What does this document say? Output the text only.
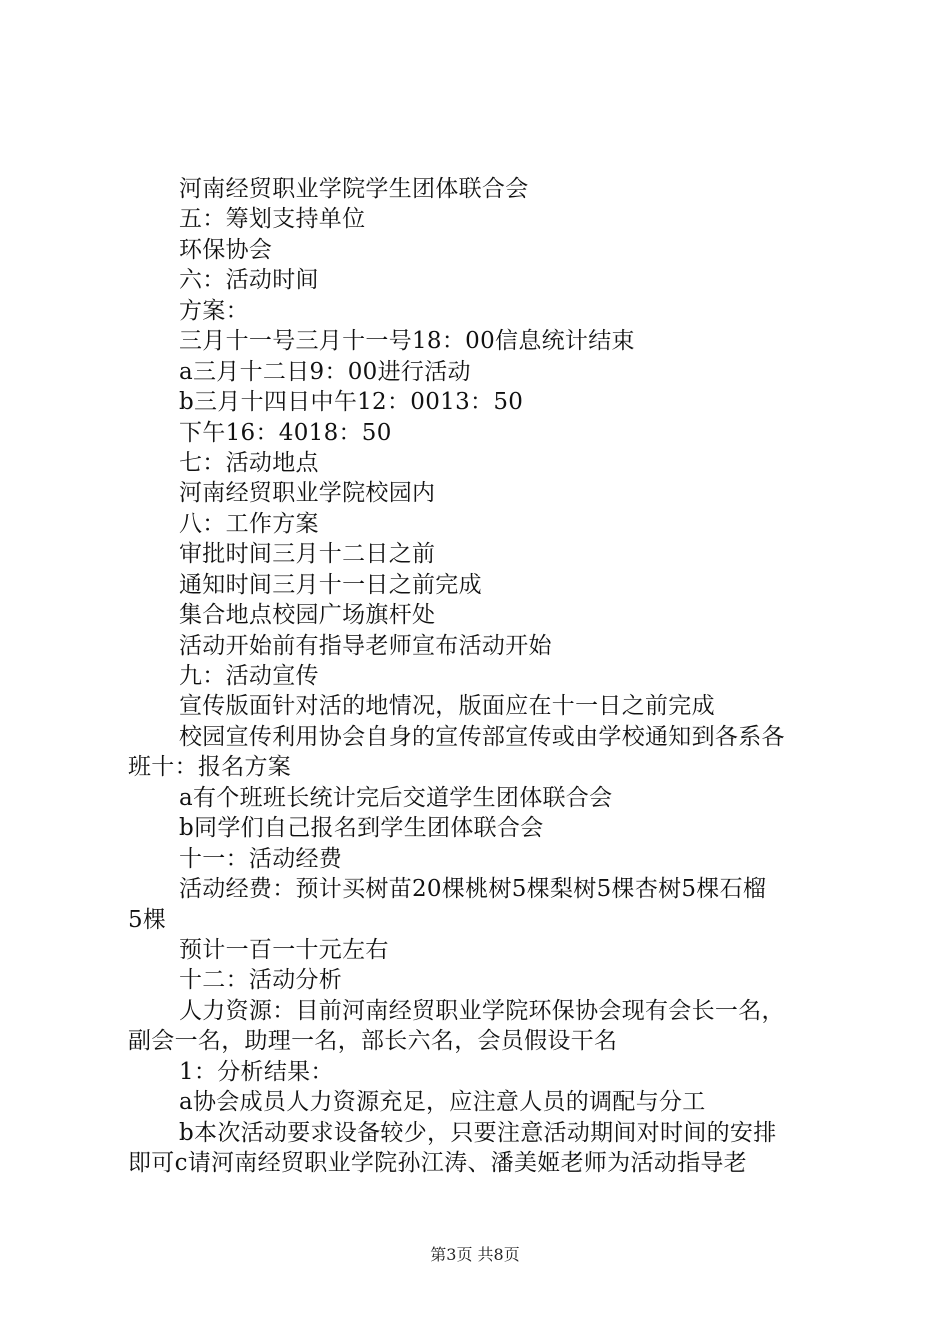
河南经贸职业学院学生团体联合会
五：筹划支持单位
环保协会
六：活动时间
方案：
三月十一号三月十一号18：00信息统计结束
a三月十二日9：00进行活动
b三月十四日中午12：0013：50
下午16：4018：50
七：活动地点
河南经贸职业学院校园内
八：工作方案
审批时间三月十二日之前
通知时间三月十一日之前完成
集合地点校园广场旗杆处
活动开始前有指导老师宣布活动开始
九：活动宣传
宣传版面针对活的地情况，版面应在十一日之前完成
校园宣传利用协会自身的宣传部宣传或由学校通知到各系各
班十：报名方案
a有个班班长统计完后交道学生团体联合会
b同学们自己报名到学生团体联合会
十一：活动经费
活动经费：预计买树苗20棵桃树5棵梨树5棵杏树5棵石榴
5棵
预计一百一十元左右
十二：活动分析
人力资源：目前河南经贸职业学院环保协会现有会长一名，
副会一名，助理一名，部长六名，会员假设干名
1：分析结果：
a协会成员人力资源充足，应注意人员的调配与分工
b本次活动要求设备较少，只要注意活动期间对时间的安排
即可c请河南经贸职业学院孙江涛、潘美姬老师为活动指导老
第3页 共8页
